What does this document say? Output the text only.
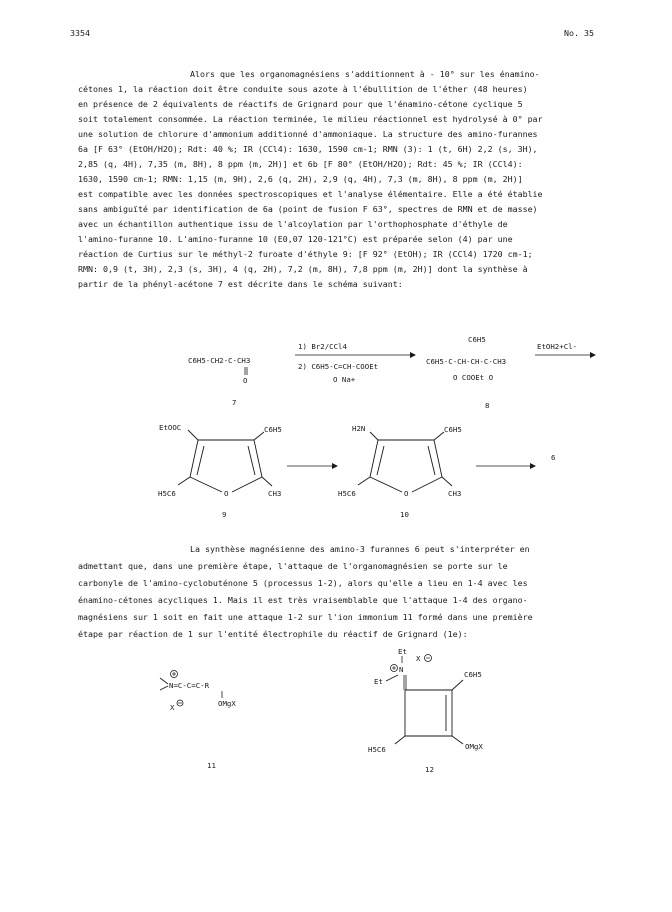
3354	No. 35
Alors que les organomagnésiens s'additionnent à - 10° sur les énamino-
cétones 1, la réaction doit être conduite sous azote à l'ébullition de l'éther (48 heures)
en présence de 2 équivalents de réactifs de Grignard pour que l'énamino-cétone cyclique 5
soit totalement consommée. La réaction terminée, le milieu réactionnel est hydrolysé à 0° par
une solution de chlorure d'ammonium additionné d'ammoniaque. La structure des amino-furannes
6a [F 63° (EtOH/H2O); Rdt: 40 %; IR (CCl4): 1630, 1590 cm-1; RMN (3): 1 (t, 6H) 2,2 (s, 3H),
2,85 (q, 4H), 7,35 (m, 8H), 8 ppm (m, 2H)] et 6b [F 80° (EtOH/H2O); Rdt: 45 %; IR (CCl4):
1630, 1590 cm-1; RMN: 1,15 (m, 9H), 2,6 (q, 2H), 2,9 (q, 4H), 7,3 (m, 8H), 8 ppm (m, 2H)]
est compatible avec les données spectroscopiques et l'analyse élémentaire. Elle a été établie
sans ambiguïté par identification de 6a (point de fusion F 63°, spectres de RMN et de masse)
avec un échantillon authentique issu de l'alcoylation par l'orthophosphate d'éthyle de
l'amino-furanne 10. L'amino-furanne 10 (E0,07 120-121°C) est préparée selon (4) par une
réaction de Curtius sur le méthyl-2 furoate d'éthyle 9: [F 92° (EtOH); IR (CCl4) 1720 cm-1;
RMN: 0,9 (t, 3H), 2,3 (s, 3H), 4 (q, 2H), 7,2 (m, 8H), 7,8 ppm (m, 2H)] dont la synthèse à
partir de la phényl-acétone 7 est décrite dans le schéma suivant:
C6H5-CH2-C-CH3
O
7
1) Br2/CCl4
2) C6H5-C=CH-COOEt
O Na+
C6H5
C6H5-C-CH-CH-C-CH3
O COOEt O
8
EtOH2+Cl-
EtOOC	C6H5
H5C6	CH3
O
9
H2N	C6H5
H5C6	CH3
O
10
6
La synthèse magnésienne des amino-3 furannes 6 peut s'interpréter en
admettant que, dans une première étape, l'attaque de l'organomagnésien se porte sur le
carbonyle de l'amino-cyclobuténone 5 (processus 1-2), alors qu'elle a lieu en 1-4 avec les
énamino-cétones acycliques 1. Mais il est très vraisemblable que l'attaque 1-4 des organo-
magnésiens sur 1 soit en fait une attaque 1-2 sur l'ion immonium 11 formé dans une première
étape par réaction de 1 sur l'entité électrophile du réactif de Grignard (1e):
N=C-C=C-R
OMgX
X
11
Et
N
X
Et
C6H5
H5C6	OMgX
12
